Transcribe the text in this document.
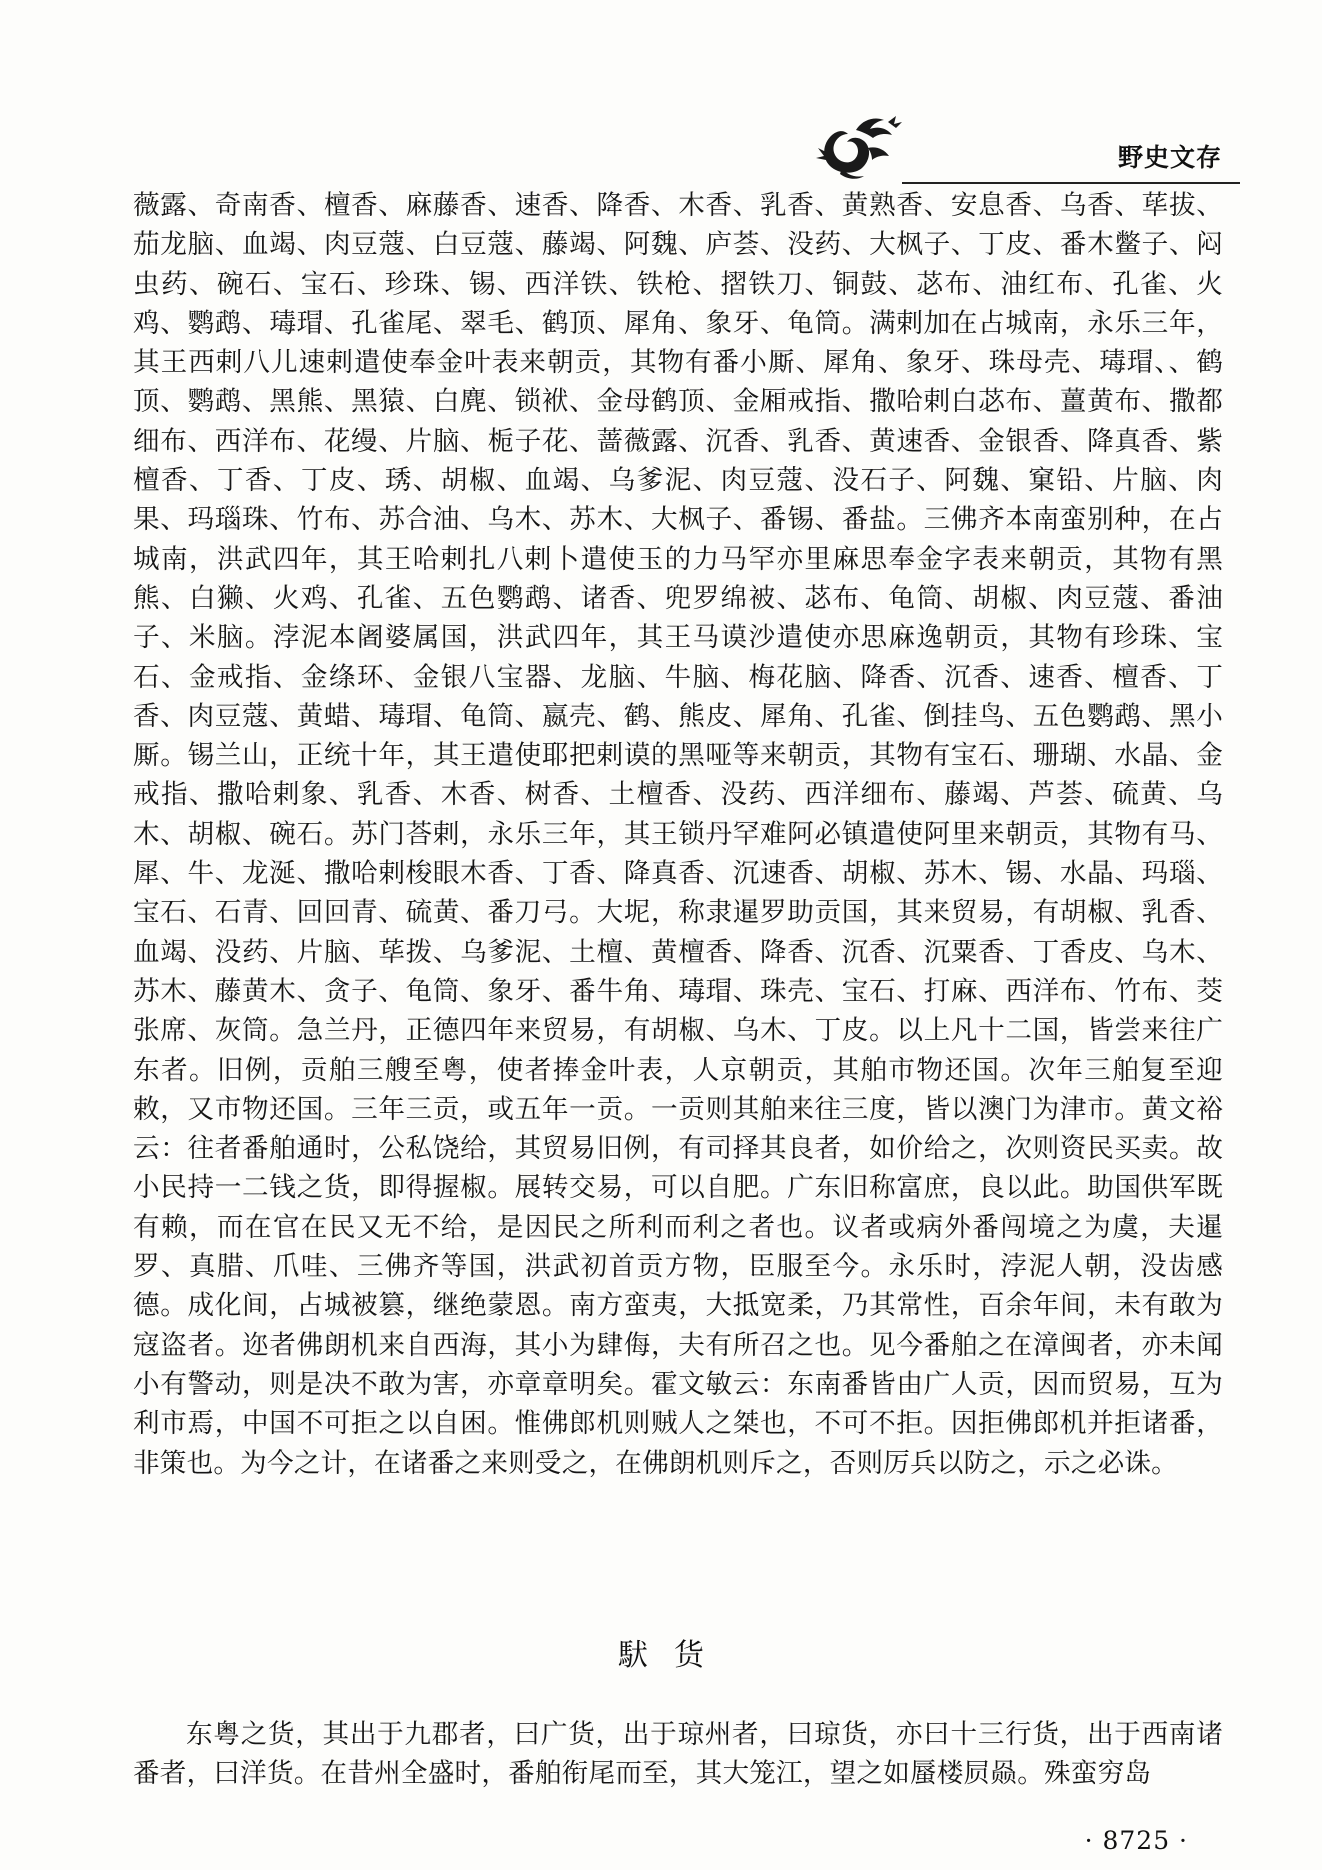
野史文存

薇露、奇南香、檀香、麻藤香、速香、降香、木香、乳香、黄熟香、安息香、乌香、荜拔、茄龙脑、血竭、肉豆蔻、白豆蔻、藤竭、阿魏、庐荟、没药、大枫子、丁皮、番木鳖子、闷虫药、碗石、宝石、珍珠、锡、西洋铁、铁枪、摺铁刀、铜鼓、苾布、油红布、孔雀、火鸡、鹦鹉、瑇瑁、孔雀尾、翠毛、鹤顶、犀角、象牙、龟筒。满剌加在占城南，永乐三年，其王西剌八儿速剌遣使奉金叶表来朝贡，其物有番小厮、犀角、象牙、珠母壳、瑇瑁、、鹤顶、鹦鹉、黑熊、黑猿、白麂、锁袱、金母鹤顶、金厢戒指、撒哈剌白苾布、薑黄布、撒都细布、西洋布、花缦、片脑、栀子花、蔷薇露、沉香、乳香、黄速香、金银香、降真香、紫檀香、丁香、丁皮、琇、胡椒、血竭、乌爹泥、肉豆蔻、没石子、阿魏、窠铅、片脑、肉果、玛瑙珠、竹布、苏合油、乌木、苏木、大枫子、番锡、番盐。三佛齐本南蛮别种，在占城南，洪武四年，其王哈剌扎八剌卜遣使玉的力马罕亦里麻思奉金字表来朝贡，其物有黑熊、白獭、火鸡、孔雀、五色鹦鹉、诸香、兜罗绵被、苾布、龟筒、胡椒、肉豆蔻、番油子、米脑。浡泥本阇婆属国，洪武四年，其王马谟沙遣使亦思麻逸朝贡，其物有珍珠、宝石、金戒指、金绦环、金银八宝器、龙脑、牛脑、梅花脑、降香、沉香、速香、檀香、丁香、肉豆蔻、黄蜡、瑇瑁、龟筒、嬴壳、鹤、熊皮、犀角、孔雀、倒挂鸟、五色鹦鹉、黑小厮。锡兰山，正统十年，其王遣使耶把剌谟的黑哑等来朝贡，其物有宝石、珊瑚、水晶、金戒指、撒哈剌象、乳香、木香、树香、土檀香、没药、西洋细布、藤竭、芦荟、硫黄、乌木、胡椒、碗石。苏门荅剌，永乐三年，其王锁丹罕难阿必镇遣使阿里来朝贡，其物有马、犀、牛、龙涎、撒哈剌梭眼木香、丁香、降真香、沉速香、胡椒、苏木、锡、水晶、玛瑙、宝石、石青、回回青、硫黄、番刀弓。大坭，称隶暹罗助贡国，其来贸易，有胡椒、乳香、血竭、没药、片脑、荜拨、乌爹泥、土檀、黄檀香、降香、沉香、沉粟香、丁香皮、乌木、苏木、藤黄木、贪子、龟筒、象牙、番牛角、瑇瑁、珠壳、宝石、打麻、西洋布、竹布、茭张席、灰筒。急兰丹，正德四年来贸易，有胡椒、乌木、丁皮。以上凡十二国，皆尝来往广东者。旧例，贡舶三艘至粤，使者捧金叶表，人京朝贡，其舶市物还国。次年三舶复至迎敕，又市物还国。三年三贡，或五年一贡。一贡则其舶来往三度，皆以澳门为津市。黄文裕云：往者番舶通时，公私饶给，其贸易旧例，有司择其良者，如价给之，次则资民买卖。故小民持一二钱之货，即得握椒。展转交易，可以自肥。广东旧称富庶，良以此。助国供军既有赖，而在官在民又无不给，是因民之所利而利之者也。议者或病外番闯境之为虞，夫暹罗、真腊、爪哇、三佛齐等国，洪武初首贡方物，臣服至今。永乐时，浡泥人朝，没齿感德。成化间，占城被篡，继绝蒙恩。南方蛮夷，大抵宽柔，乃其常性，百余年间，未有敢为寇盗者。迩者佛朗机来自西海，其小为肆侮，夫有所召之也。见今番舶之在漳闽者，亦未闻小有警动，则是决不敢为害，亦章章明矣。霍文敏云：东南番皆由广人贡，因而贸易，互为利市焉，中国不可拒之以自困。惟佛郎机则贼人之桀也，不可不拒。因拒佛郎机并拒诸番，非策也。为今之计，在诸番之来则受之，在佛朗机则斥之，否则厉兵以防之，示之必诛。

䭾货

东粤之货，其出于九郡者，曰广货，出于琼州者，曰琼货，亦曰十三行货，出于西南诸番者，曰洋货。在昔州全盛时，番舶衔尾而至，其大笼江，望之如蜃楼屃赑。殊蛮穷岛

· 8725 ·
